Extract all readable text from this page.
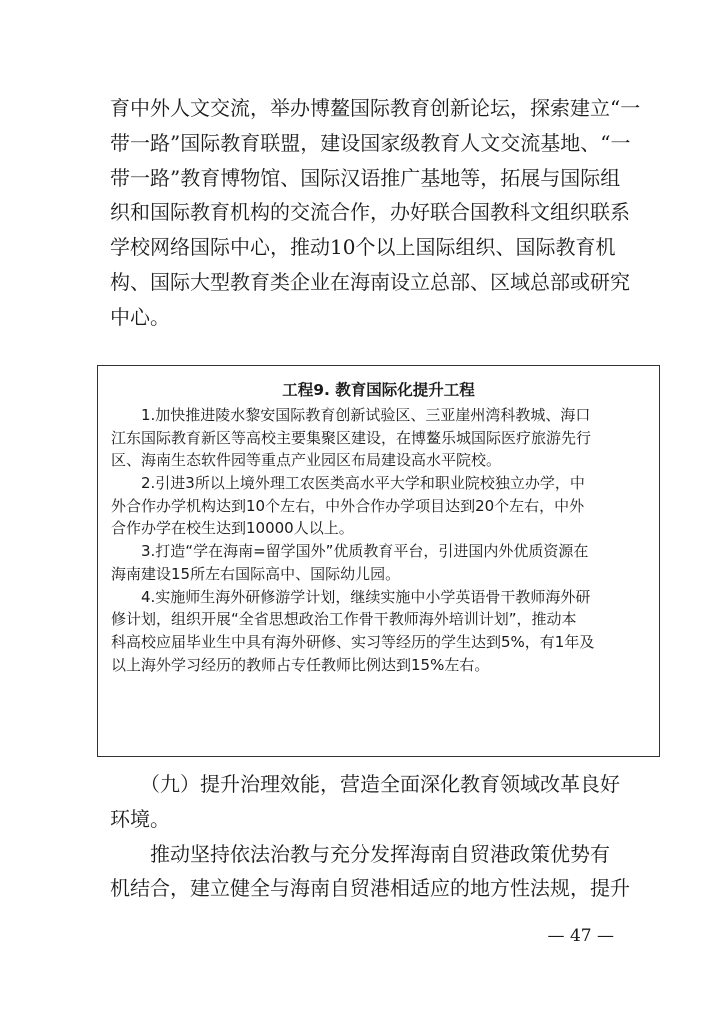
育中外人文交流，举办博鳌国际教育创新论坛，探索建立“一
带一路”国际教育联盟，建设国家级教育人文交流基地、“一
带一路”教育博物馆、国际汉语推广基地等，拓展与国际组
织和国际教育机构的交流合作，办好联合国教科文组织联系
学校网络国际中心，推动10个以上国际组织、国际教育机
构、国际大型教育类企业在海南设立总部、区域总部或研究
中心。
工程9. 教育国际化提升工程
1.加快推进陵水黎安国际教育创新试验区、三亚崖州湾科教城、海口
江东国际教育新区等高校主要集聚区建设，在博鳌乐城国际医疗旅游先行
区、海南生态软件园等重点产业园区布局建设高水平院校。
2.引进3所以上境外理工农医类高水平大学和职业院校独立办学，中
外合作办学机构达到10个左右，中外合作办学项目达到20个左右，中外
合作办学在校生达到10000人以上。
3.打造“学在海南=留学国外”优质教育平台，引进国内外优质资源在
海南建设15所左右国际高中、国际幼儿园。
4.实施师生海外研修游学计划，继续实施中小学英语骨干教师海外研
修计划，组织开展“全省思想政治工作骨干教师海外培训计划”，推动本
科高校应届毕业生中具有海外研修、实习等经历的学生达到5%，有1年及
以上海外学习经历的教师占专任教师比例达到15%左右。
（九）提升治理效能，营造全面深化教育领域改革良好
环境。
推动坚持依法治教与充分发挥海南自贸港政策优势有
机结合，建立健全与海南自贸港相适应的地方性法规，提升
— 47 —
